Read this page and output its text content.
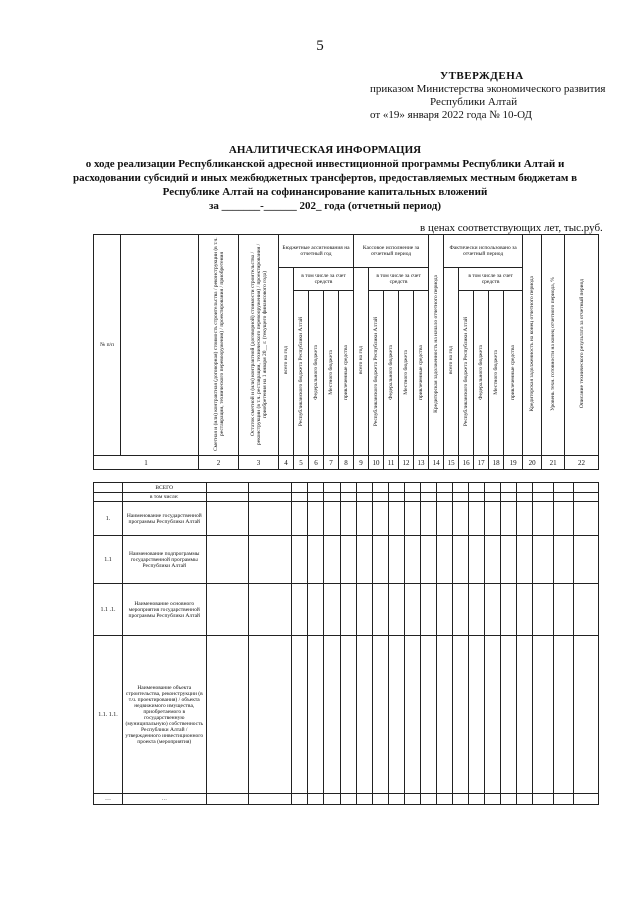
5
УТВЕРЖДЕНА
приказом Министерства экономического развития
Республики Алтай
от «19» января 2022 года № 10-ОД
АНАЛИТИЧЕСКАЯ ИНФОРМАЦИЯ
о ходе реализации Республиканской адресной инвестиционной программы Республики Алтай и
расходовании субсидий и иных межбюджетных трансфертов, предоставляемых местным бюджетам в
Республике Алтай на софинансирование капитальных вложений
за _______-______ 202_ года (отчетный период)
в ценах соответствующих лет, тыс.руб.
№ п/п		Сметная и (или) контрактная (договорная) стоимость строительства / реконструкции (в т.ч. реставрации, технического перевооружения) / проектирования / приобретения	Остаток сметной и (или) контрактной (договорной) стоимости строительства / реконструкции (в т.ч. реставрации, технического перевооружения) / проектирования / приобретения на 1 января 20__ г. (текущего финансового года)	Бюджетные ассигнования на отчетный год					Кассовое исполнение за отчетный период					Кредиторская задолженность на начало отчетного периода	Фактически использовано за отчетный период					Кредиторская задолженность на конец отчетного периода	Уровень техн. готовности на конец отчетного периода, %	Описание технического результата за отчетный период
				всего на год	в том числе за счет средств				всего на год	в том числе за счет средств					всего на год	в том числе за счет средств						
					Республиканского бюджета Республики Алтай	Федерального бюджета	Местного бюджета	привлеченные средства		Республиканского бюджета Республики Алтай	Федерального бюджета	Местного бюджета	привлеченные средства			Республиканского бюджета Республики Алтай	Федерального бюджета	Местного бюджета	привлеченные средства			
1		2	3	4	5	6	7	8	9	10	11	12	13	14	15	16	17	18	19	20	21	22
	ВСЕГО																				
	в том числе:																				
1.	Наименование государственной программы Республики Алтай																				
1.1	Наименование подпрограммы государственной программы Республики Алтай																				
1.1 .1.	Наименование основного мероприятия государственной программы Республики Алтай																				
1.1. 1.1.	Наименование объекта строительства, реконструкции (в т.ч. проектирования) / объекта недвижимого имущества, приобретаемого в государственную (муниципальную) собственность Республики Алтай / утвержденного инвестиционного проекта (мероприятия)																				
…	…																				
